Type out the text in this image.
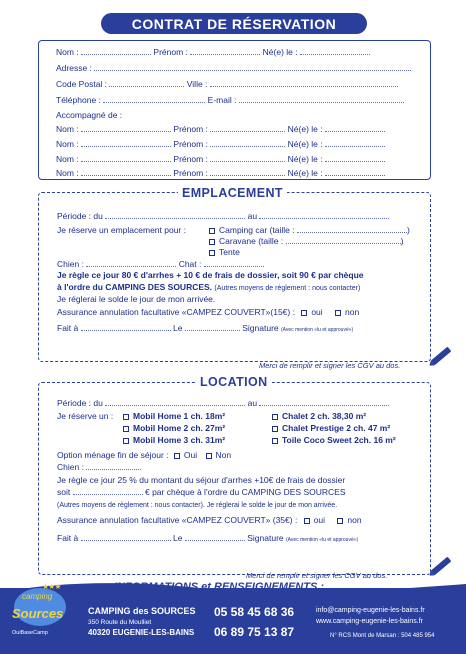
CONTRAT DE RÉSERVATION
Nom :	Prénom :	Né(e) le :
Adresse :
Code Postal :	Ville :
Téléphone :	E-mail :
Accompagné de :
Nom :	Prénom :	Né(e) le :
Nom :	Prénom :	Né(e) le :
Nom :	Prénom :	Né(e) le :
Nom :	Prénom :	Né(e) le :
EMPLACEMENT
Période : du	au
Je réserve un emplacement pour :	Camping car (taille :	)
Caravane (taille :	)
Tente
Chien :	Chat :
Je règle ce jour 80 € d'arrhes + 10 € de frais de dossier, soit 90 € par chèque
à l'ordre du CAMPING DES SOURCES. (Autres moyens de règlement : nous contacter)
Je réglerai le solde le jour de mon arrivée.
Assurance annulation facultative «CAMPEZ COUVERT»(15€) : oui	non
Fait à	Le	Signature (Avec mention «lu et approuvé»)
Merci de remplir et signer les CGV au dos.
LOCATION
Période : du	au
Je réserve un :	Mobil Home 1 ch. 18m²
Mobil Home 2 ch. 27m²
Mobil Home 3 ch. 31m²
Chalet 2 ch. 38,30 m²
Chalet Prestige 2 ch. 47 m²
Toile Coco Sweet 2ch. 16 m²
Option ménage fin de séjour : Oui Non
Chien :
Je règle ce jour 25 % du montant du séjour d'arrhes +10€ de frais de dossier
soit	€ par chèque à l'ordre du CAMPING DES SOURCES
(Autres moyens de règlement : nous contacter). Je réglerai le solde le jour de mon arrivée.
Assurance annulation facultative «CAMPEZ COUVERT» (35€) : oui	non
Fait à	Le	Signature (Avec mention «lu et approuvé»)
Merci de remplir et signer les CGV au dos.
INFORMATIONS et RENSEIGNEMENTS :
★★★
camping
Sources
OuiBaseCamp
CAMPING des SOURCES
350 Route du Moulliet
40320 EUGENIE-LES-BAINS
05 58 45 68 36
06 89 75 13 87
info@camping-eugenie-les-bains.fr
www.camping-eugenie-les-bains.fr
N° RCS Mont de Marsan : 504 485 954
